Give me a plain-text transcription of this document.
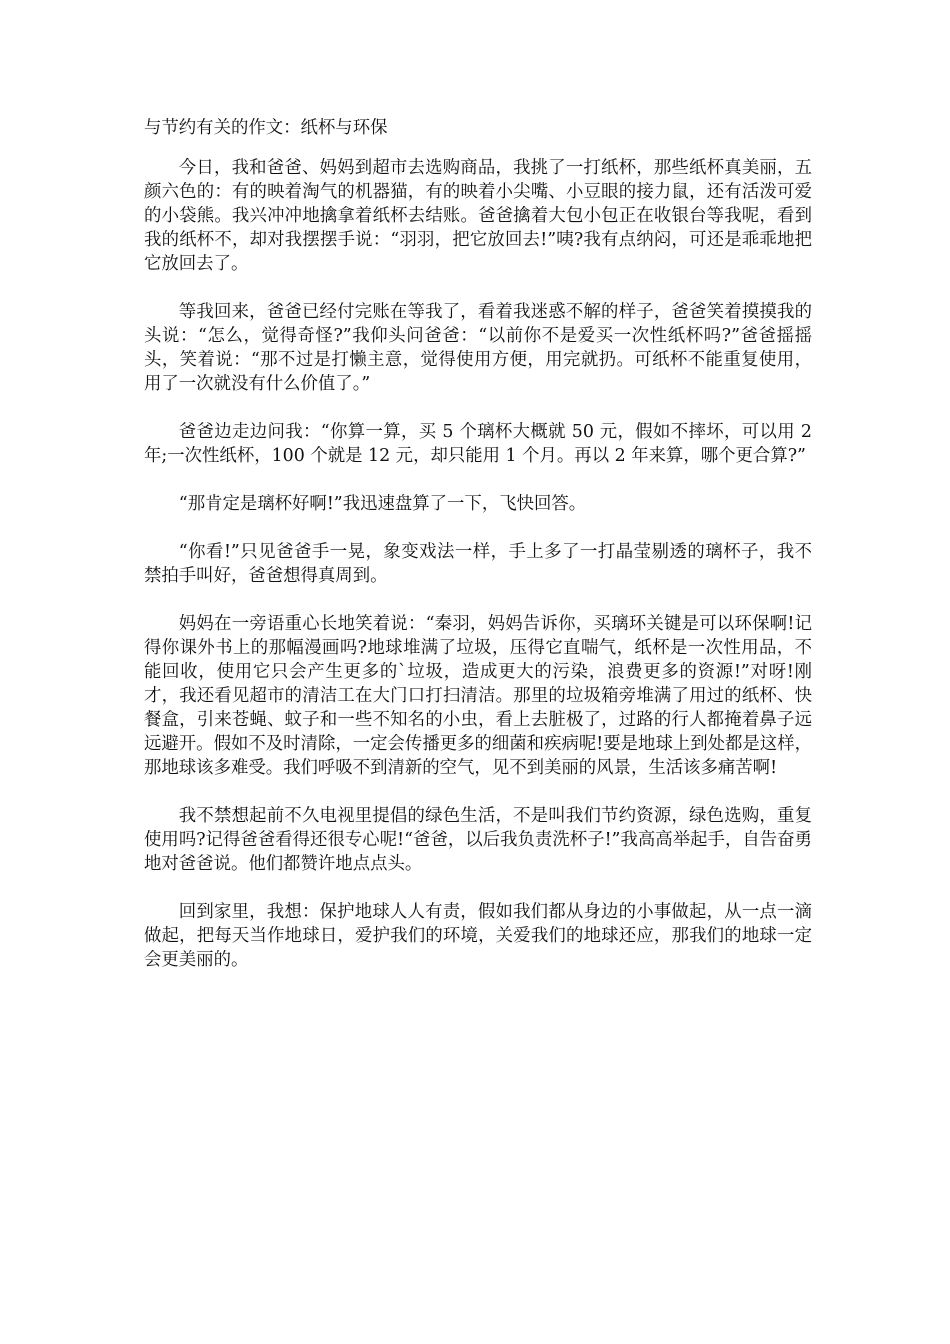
与节约有关的作文：纸杯与环保

今日，我和爸爸、妈妈到超市去选购商品，我挑了一打纸杯，那些纸杯真美丽，五颜六色的：有的映着淘气的机器猫，有的映着小尖嘴、小豆眼的接力鼠，还有活泼可爱的小袋熊。我兴冲冲地擒拿着纸杯去结账。爸爸擒着大包小包正在收银台等我呢，看到我的纸杯不，却对我摆摆手说：“羽羽，把它放回去!”咦?我有点纳闷，可还是乖乖地把它放回去了。

等我回来，爸爸已经付完账在等我了，看着我迷惑不解的样子，爸爸笑着摸摸我的头说：“怎么，觉得奇怪?”我仰头问爸爸：“以前你不是爱买一次性纸杯吗?”爸爸摇摇头，笑着说：“那不过是打懒主意，觉得使用方便，用完就扔。可纸杯不能重复使用，用了一次就没有什么价值了。”

爸爸边走边问我：“你算一算，买 5 个璃杯大概就 50 元，假如不摔坏，可以用 2 年;一次性纸杯，100 个就是 12 元，却只能用 1 个月。再以 2 年来算，哪个更合算?”

“那肯定是璃杯好啊!”我迅速盘算了一下，飞快回答。

“你看!”只见爸爸手一晃，象变戏法一样，手上多了一打晶莹剔透的璃杯子，我不禁拍手叫好，爸爸想得真周到。

妈妈在一旁语重心长地笑着说：“秦羽，妈妈告诉你，买璃环关键是可以环保啊!记得你课外书上的那幅漫画吗?地球堆满了垃圾，压得它直喘气，纸杯是一次性用品，不能回收，使用它只会产生更多的`垃圾，造成更大的污染，浪费更多的资源!”对呀!刚才，我还看见超市的清洁工在大门口打扫清洁。那里的垃圾箱旁堆满了用过的纸杯、快餐盒，引来苍蝇、蚊子和一些不知名的小虫，看上去脏极了，过路的行人都掩着鼻子远远避开。假如不及时清除，一定会传播更多的细菌和疾病呢!要是地球上到处都是这样，那地球该多难受。我们呼吸不到清新的空气，见不到美丽的风景，生活该多痛苦啊!

我不禁想起前不久电视里提倡的绿色生活，不是叫我们节约资源，绿色选购，重复使用吗?记得爸爸看得还很专心呢!“爸爸，以后我负责洗杯子!”我高高举起手，自告奋勇地对爸爸说。他们都赞许地点点头。

回到家里，我想：保护地球人人有责，假如我们都从身边的小事做起，从一点一滴做起，把每天当作地球日，爱护我们的环境，关爱我们的地球还应，那我们的地球一定会更美丽的。
